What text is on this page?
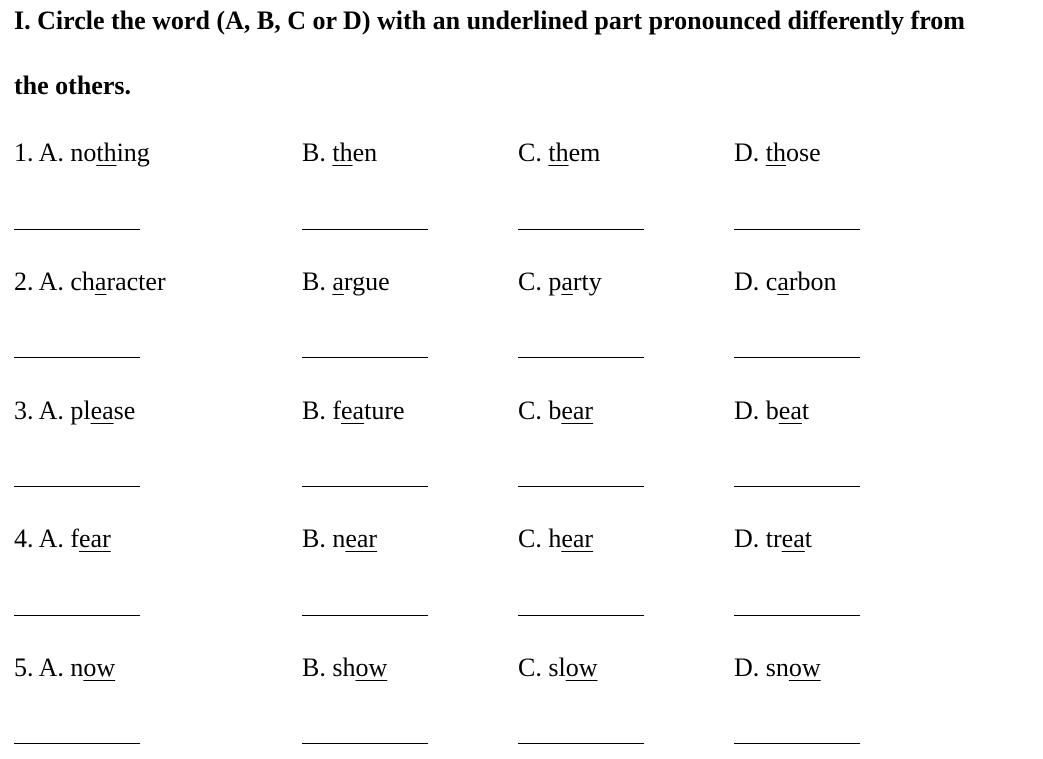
I. Circle the word (A, B, C or D) with an underlined part pronounced differently from
the others.
1. A. nothing	B. then	C. them	D. those
2. A. character	B. argue	C. party	D. carbon
3. A. please	B. feature	C. bear	D. beat
4. A. fear	B. near	C. hear	D. treat
5. A. now	B. show	C. slow	D. snow
